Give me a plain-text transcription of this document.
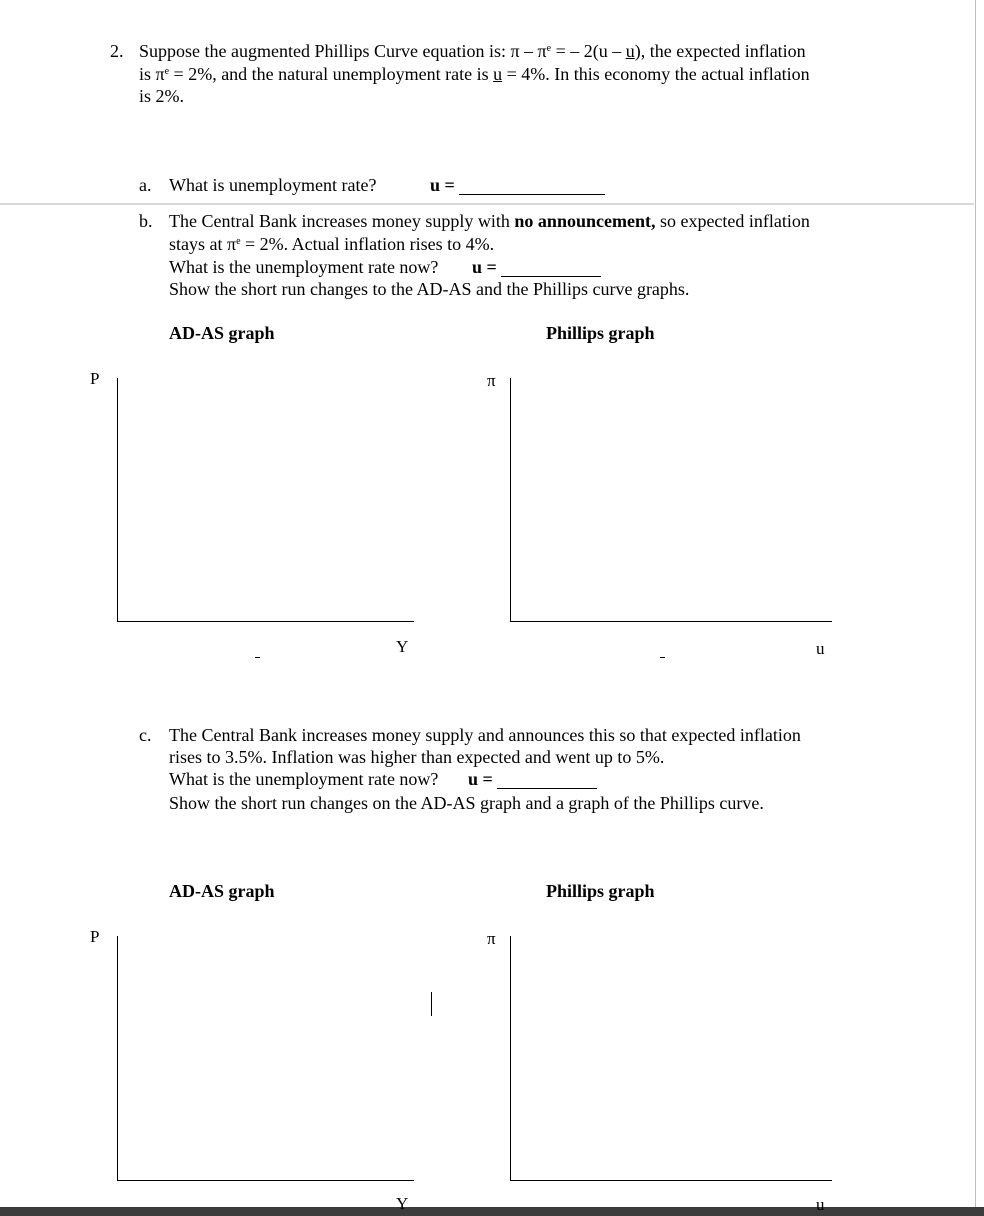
2. Suppose the augmented Phillips Curve equation is: π – $\pi^e$ = – 2(u – u), the expected inflation
is $\pi^e = 2\%$, and the natural unemployment rate is u = 4%. In this economy the actual inflation
is 2%.
a. What is unemployment rate?	u =
b. The Central Bank increases money supply with no announcement, so expected inflation
stays at $\pi^e = 2\%$. Actual inflation rises to 4%.
What is the unemployment rate now? u =
Show the short run changes to the AD-AS and the Phillips curve graphs.
AD-AS graph	Phillips graph
P
Y
π
u
c. The Central Bank increases money supply and announces this so that expected inflation
rises to 3.5%. Inflation was higher than expected and went up to 5%.
What is the unemployment rate now? u =
Show the short run changes on the AD-AS graph and a graph of the Phillips curve.
AD-AS graph	Phillips graph
P
Y
π
u
